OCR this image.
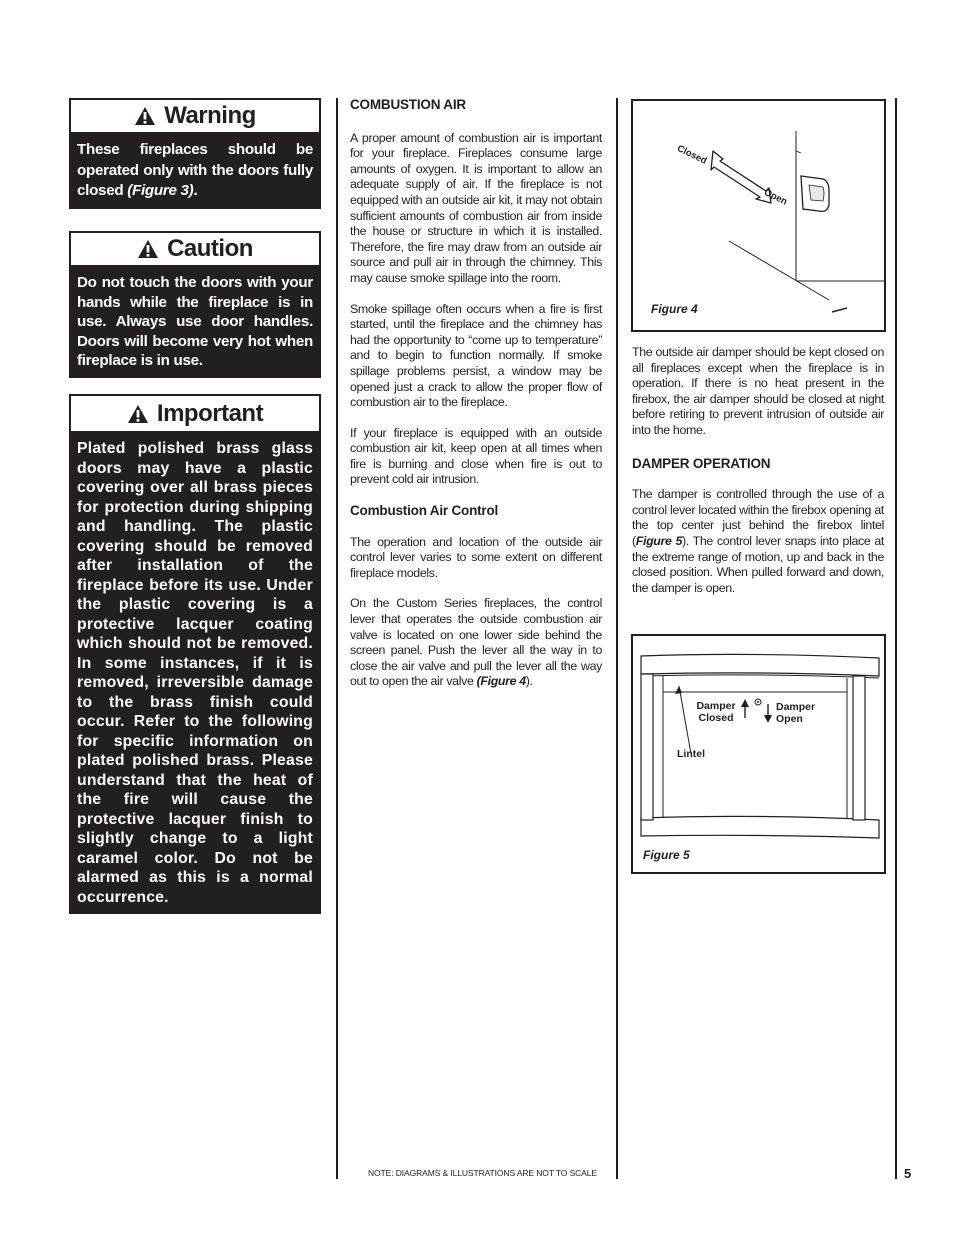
Warning
These fireplaces should be operated only with the doors fully closed (Figure 3).
Caution
Do not touch the doors with your hands while the fireplace is in use. Always use door handles. Doors will become very hot when fireplace is in use.
Important
Plated polished brass glass doors may have a plastic covering over all brass pieces for protection during shipping and handling. The plastic covering should be removed after installation of the fireplace before its use. Under the plastic covering is a protective lacquer coating which should not be removed. In some instances, if it is removed, irreversible damage to the brass finish could occur. Refer to the following for specific information on plated polished brass. Please understand that the heat of the fire will cause the protective lacquer finish to slightly change to a light caramel color. Do not be alarmed as this is a normal occurrence.
COMBUSTION AIR

A proper amount of combustion air is important for your fireplace. Fireplaces consume large amounts of oxygen. It is important to allow an adequate supply of air. If the fireplace is not equipped with an outside air kit, it may not obtain sufficient amounts of combustion air from inside the house or structure in which it is installed. Therefore, the fire may draw from an outside air source and pull air in through the chimney. This may cause smoke spillage into the room.

Smoke spillage often occurs when a fire is first started, until the fireplace and the chimney has had the opportunity to “come up to temperature” and to begin to function normally. If smoke spillage problems persist, a window may be opened just a crack to allow the proper flow of combustion air to the fireplace.

If your fireplace is equipped with an outside combustion air kit, keep open at all times when fire is burning and close when fire is out to prevent cold air intrusion.

Combustion Air Control

The operation and location of the outside air control lever varies to some extent on different fireplace models.

On the Custom Series fireplaces, the control lever that operates the outside combustion air valve is located on one lower side behind the screen panel. Push the lever all the way in to close the air valve and pull the lever all the way out to open the air valve (Figure 4).

Closed
Open
Figure 4

The outside air damper should be kept closed on all fireplaces except when the fireplace is in operation. If there is no heat present in the firebox, the air damper should be closed at night before retiring to prevent intrusion of outside air into the home.

DAMPER OPERATION

The damper is controlled through the use of a control lever located within the firebox opening at the top center just behind the firebox lintel (Figure 5). The control lever snaps into place at the extreme range of motion, up and back in the closed position. When pulled forward and down, the damper is open.

Damper
Closed
Damper
Open
Lintel
Figure 5
NOTE: DIAGRAMS & ILLUSTRATIONS ARE NOT TO SCALE	5
